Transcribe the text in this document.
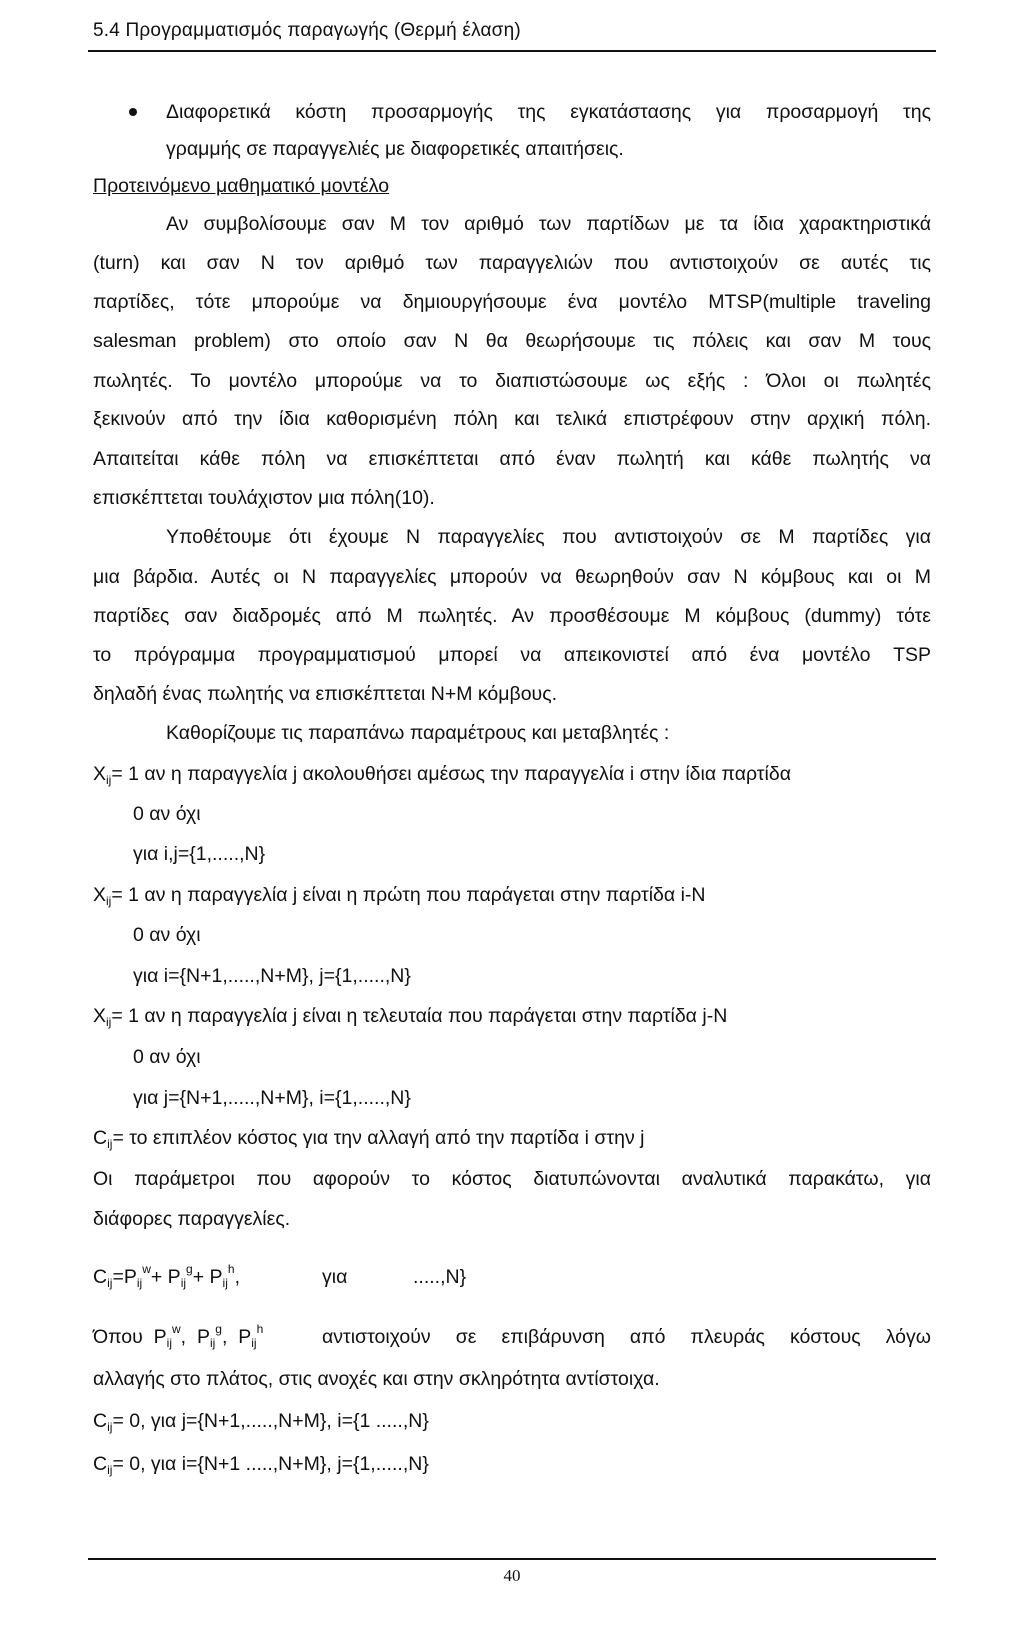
5.4 Προγραμματισμός παραγωγής (Θερμή έλαση)
Διαφορετικά κόστη προσαρμογής της εγκατάστασης για προσαρμογή της
γραμμής σε παραγγελιές με διαφορετικές απαιτήσεις.
Προτεινόμενο μαθηματικό μοντέλο
Αν συμβολίσουμε σαν Μ τον αριθμό των παρτίδων με τα ίδια χαρακτηριστικά
(turn) και σαν Ν τον αριθμό των παραγγελιών που αντιστοιχούν σε αυτές τις
παρτίδες, τότε μπορούμε να δημιουργήσουμε ένα μοντέλο MTSP(multiple traveling
salesman problem) στο οποίο σαν Ν θα θεωρήσουμε τις πόλεις και σαν Μ τους
πωλητές. Το μοντέλο μπορούμε να το διαπιστώσουμε ως εξής : Όλοι οι πωλητές
ξεκινούν από την ίδια καθορισμένη πόλη και τελικά επιστρέφουν στην αρχική πόλη.
Απαιτείται κάθε πόλη να επισκέπτεται από έναν πωλητή και κάθε πωλητής να
επισκέπτεται τουλάχιστον μια πόλη(10).
Υποθέτουμε ότι έχουμε Ν παραγγελίες που αντιστοιχούν σε Μ παρτίδες για
μια βάρδια. Αυτές οι Ν παραγγελίες μπορούν να θεωρηθούν σαν Ν κόμβους και οι Μ
παρτίδες σαν διαδρομές από Μ πωλητές. Αν προσθέσουμε Μ κόμβους (dummy) τότε
το πρόγραμμα προγραμματισμού μπορεί να απεικονιστεί από ένα μοντέλο TSP
δηλαδή ένας πωλητής να επισκέπτεται Ν+Μ κόμβους.
Καθορίζουμε τις παραπάνω παραμέτρους και μεταβλητές :
$X_{ij}= 1$ αν η παραγγελία j ακολουθήσει αμέσως την παραγγελία i στην ίδια παρτίδα
0 αν όχι
για i,j={1,.....,N}
$X_{ij}= 1$ αν η παραγγελία j είναι η πρώτη που παράγεται στην παρτίδα i-N
0 αν όχι
για i={N+1,.....,N+M}, j={1,.....,N}
$X_{ij}= 1$ αν η παραγγελία j είναι η τελευταία που παράγεται στην παρτίδα j-N
0 αν όχι
για j={N+1,.....,N+M}, i={1,.....,N}
$C_{ij}= \tau o$ επιπλέον κόστος για την αλλαγή από την παρτίδα i στην j
Οι παράμετροι που αφορούν το κόστος διατυπώνονται αναλυτικά παρακάτω, για
διάφορες παραγγελίες.
$C_{ij}=P_{ij}^w+ P_{ij}^g+ P_{ij}^h$,	για	.....,N}
Όπου $P_{ij}^w$, $P_{ij}^g$, $P_{ij}^h$	αντιστοιχούν σε επιβάρυνση από πλευράς κόστους λόγω
αλλαγής στο πλάτος, στις ανοχές και στην σκληρότητα αντίστοιχα.
$C_{ij}= 0$, για j={N+1,.....,N+M}, i={1 .....,N}
$C_{ij}= 0$, για i={N+1 .....,N+M}, j={1,.....,N}
40
